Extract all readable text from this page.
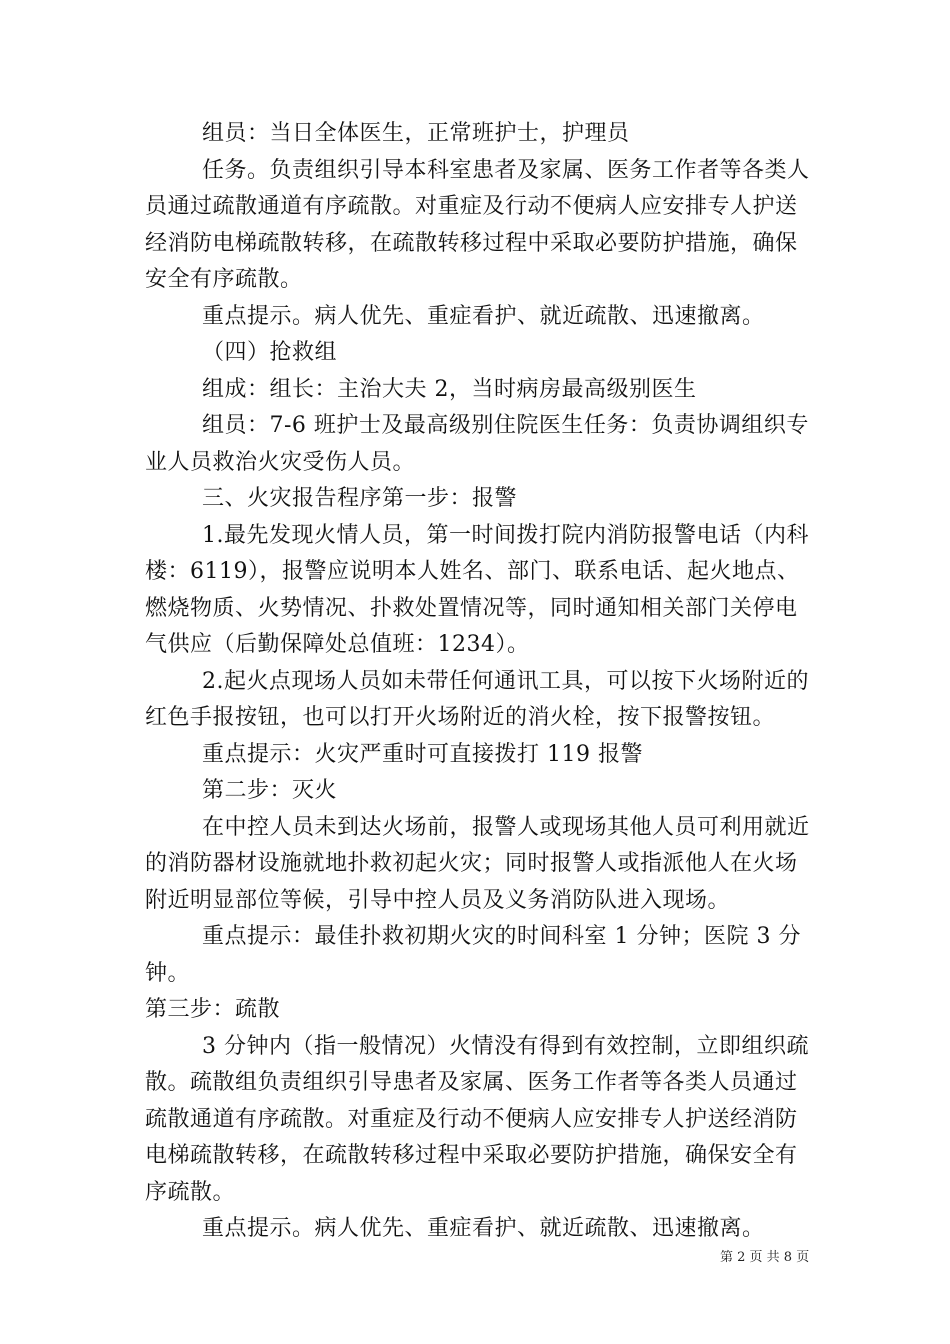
组员：当日全体医生，正常班护士，护理员

任务。负责组织引导本科室患者及家属、医务工作者等各类人员通过疏散通道有序疏散。对重症及行动不便病人应安排专人护送经消防电梯疏散转移，在疏散转移过程中采取必要防护措施，确保安全有序疏散。

重点提示。病人优先、重症看护、就近疏散、迅速撤离。

（四）抢救组

组成：组长：主治大夫 2，当时病房最高级别医生

组员：7-6 班护士及最高级别住院医生任务：负责协调组织专业人员救治火灾受伤人员。

三、火灾报告程序第一步：报警

1.最先发现火情人员，第一时间拨打院内消防报警电话（内科楼：6119），报警应说明本人姓名、部门、联系电话、起火地点、燃烧物质、火势情况、扑救处置情况等，同时通知相关部门关停电气供应（后勤保障处总值班：1234）。

2.起火点现场人员如未带任何通讯工具，可以按下火场附近的红色手报按钮，也可以打开火场附近的消火栓，按下报警按钮。

重点提示：火灾严重时可直接拨打 119 报警

第二步：灭火

在中控人员未到达火场前，报警人或现场其他人员可利用就近的消防器材设施就地扑救初起火灾；同时报警人或指派他人在火场附近明显部位等候，引导中控人员及义务消防队进入现场。

重点提示：最佳扑救初期火灾的时间科室 1 分钟；医院 3 分钟。

第三步：疏散

3 分钟内（指一般情况）火情没有得到有效控制，立即组织疏散。疏散组负责组织引导患者及家属、医务工作者等各类人员通过疏散通道有序疏散。对重症及行动不便病人应安排专人护送经消防电梯疏散转移，在疏散转移过程中采取必要防护措施，确保安全有序疏散。

重点提示。病人优先、重症看护、就近疏散、迅速撤离。

第 2 页 共 8 页
